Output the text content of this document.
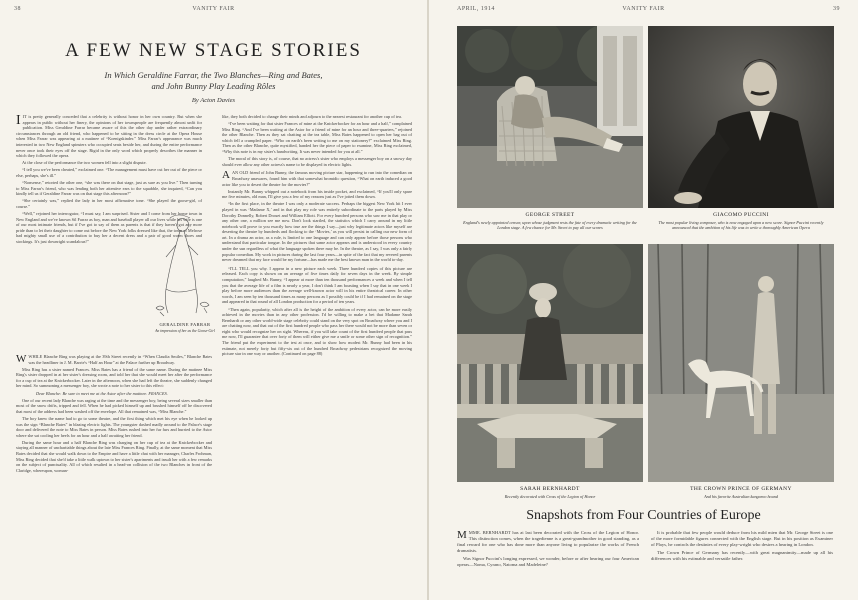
38	VANITY FAIR
A FEW NEW STAGE STORIES
In Which Geraldine Farrar, the Two Blanches—Ring and Bates,
and John Bunny Play Leading Rôles
By Acton Davies

IIT is pretty generally conceded that a celebrity is without honor in her own country. But when she appears in public without her finery, the opinions of her townspeople are frequently almost unfit for publication. Miss Geraldine Farrar became aware of this the other day under rather extraordinary circumstances through an old friend, who happened to be sitting in the dress circle at the Opera House when Miss Farrar was appearing at a matinee of “Koenigskinder.” Miss Farrar's appearance was much interested in two New England spinsters who occupied seats beside her, and during the entire performance never once took their eyes off the stage. Rigid in the only word which properly describes the manner in which they followed the opera.

At the close of the performance the two women fell into a slight dispute.

“I tell you we've been cheated,” exclaimed one. “The management must have cut her out of the piece or else, perhaps, she's ill.”

“Nonsense,” retorted the other one, “she was there on that stage, just as sure as you live.” Then turning to Miss Farrar's friend, who was lending both her attentive ears to the squabble, she inquired, “Can you kindly tell us if Geraldine Farrar was on that stage this afternoon?”

“She certainly was,” replied the lady in her most affirmative tone. “She played the goose-girl, of course.”

“Well,” rejoined her interrogator, “I must say, I am surprised. Sister and I come from her home town in New England and we've known Sil Farrar as boy, man and baseball player all our lives while his wife is one of our most intimate friends, but if I've got to say of them as parents is that if they haven't got any more pride than to let their daughter to come out before the New York folks dressed like that, the town of Melrose had mighty small use of a contribution to buy her a decent dress and a pair of good warm shoes and stockings. It's just downright scandalous!”

GERALDINE FARRAR
An impression of her as the Goose-Girl

WWHILE Blanche Ring was playing at the 39th Street recently in “When Claudia Smiles,” Blanche Bates was the headliner in J. M. Barrie's “Half an Hour” at the Palace further up Broadway.

Miss Ring has a sister named Frances. Miss Bates has a friend of the same name. During the matinee Miss Ring's sister dropped in at her sister's dressing room, and told her that she would meet her after the performance for a cup of tea at the Knickerbocker. Later in the afternoon, when she had left the theatre, she suddenly changed her mind. So summoning a messenger boy, she wrote a note to her sister to this effect:

Dear Blanche: Be sure to meet me at the Astor after the matinee. FRANCES.

One of our recent lady Blanche was raging at the time and the messenger boy, being several sizes smaller than most of the snow drifts, tripped and fell. When he had picked himself up and brushed himself off he discovered that most of the address had been washed off the envelope. All that remained was, “Miss Blanche.”

The boy knew the name had to go to some theatre, and the first thing which met his eye when he looked up was the sign “Blanche Bates” in blazing electric lights. The youngster dashed madly around to the Palace's stage door and delivered the note to Miss Bates in person. Miss Bates rushed into her fur furs and hurried to the Astor where she sat cooling her heels for an hour and a half awaiting her friend.

During the same hour and a half Blanche Ring was charging on her cup of tea at the Knickerbocker and staying all manner of uncharitable things about the late Miss Frances Ring. Finally, at the same moment that Miss Bates decided that she would walk down to the Empire and have a little chat with her manager, Charles Frohman, Miss Ring decided that she'd take a little walk uptown to her sister's apartments and insult her with a few remarks on the subject of punctuality. All of which resulted in a head-on collision of the two Blanches in front of the Claridge, whereupon, woman-

like, they both decided to change their minds and adjourn to the nearest restaurant for another cup of tea.

“I've been waiting for that sister Frances of mine at the Knickerbocker for an hour and a half,” complained Miss Ring. “And I've been waiting at the Astor for a friend of mine for an hour and three-quarters,” rejoined the other Blanche. Then as they sat chatting at the tea table, Miss Bates happened to open her bag out of which fell a crumpled paper. “Who on earth's been writing to me on my stationery?” exclaimed Miss Ring. Then as the other Blanche, quite mystified, handed her the piece of paper to examine, Miss Ring exclaimed, “Why this note is in my sister's handwriting. It was never intended for you at all.”

The moral of this story is, of course, that no actress's sister who employs a messenger boy on a snowy day should ever allow any other actress's name to be displayed in electric lights.

AAN OLD friend of John Bunny, the famous moving picture star, happening to run into the comedian on Broadway unawares, found him with that somewhat bromidic question, “What on earth induced a good actor like you to desert the theatre for the movies?”

Instantly Mr. Bunny whipped out a notebook from his inside pocket, and exclaimed, “If you'll only spare me five minutes, old man, I'll give you a few of my reasons just as I've jotted them down.

“In the first place, in the theatre I was only a moderate success. Perhaps the biggest New York hit I ever played in was ‘Madame X,’ and in that play my role was entirely subordinate to the parts played by Miss Dorothy Donnelly, Robert Drouet and William Elliott. For every hundred persons who saw me in that play or any other one, a million see me now. Don't look startled, the statistics which I carry around in my little notebook will prove to you exactly how true are the things I say—just why legitimate actors like myself are deserting the theatre by hundreds and flocking to the ‘Movies,’ as you will persist in calling our new form of art. In a drama an actor, as a rule, is limited to one language and can only appear before those persons who understand that particular tongue. In the pictures that same actor appears and is understood in every country under the sun regardless of what the language spoken there may be. In the theatre, as I say, I was only a fairly popular comedian. My work in pictures during the last four years—in spite of the fact that my revered parents never dreamed that my face would be my fortune—has made me the best known man in the world to-day.

“I'LL TELL you why. I appear in a new picture each week. Three hundred copies of this picture are released. Each copy is shown on an average of five times daily for seven days in the week. By simple computation,” laughed Mr. Bunny, “I appear at more than ten thousand performances a week and when I tell you that the average life of a film is nearly a year, I don't think I am boasting when I say that in one week I play before more audiences than the average well-known actor will in his entire theatrical career. In other words, I am seen by ten thousand times as many persons as I possibly could be if I had remained on the stage and appeared in that round of all London production for a period of ten years.

“Then again, popularity, which after all is the height of the ambition of every actor, can be more easily achieved in the movies than in any other profession. I'd be willing to make a bet that Madame Sarah Bernhardt or any other world-wide stage celebrity could stand on the very spot on Broadway where you and I are chatting now, and that out of the first hundred people who pass her there would not be more than seven or eight who would recognize her on sight. Whereas, if you will take count of the first hundred people that pass me now, I'll guarantee that over forty of them will either give me a smile or some other sign of recognition.” The friend put the experiment to the test at once, and to show how modest Mr. Bunny had been in his estimate, not merely forty but fifty-six out of the hundred Broadway pedestrians recognized the moving picture star in one way or another. (Continued on page 88)

APRIL, 1914	VANITY FAIR	39
GEORGE STREET
England's newly appointed censor, upon whose judgment rests the fate of every dramatic writing for the London stage. A few chance for Mr. Street to pay all our scores
GIACOMO PUCCINI
The most popular living composer, who is now engaged upon a new score. Signor Puccini recently announced that the ambition of his life was to write a thoroughly American Opera
SARAH BERNHARDT
Recently decorated with Cross of the Legion of Honor
THE CROWN PRINCE OF GERMANY
And his favorite Australian kangaroo hound
Snapshots from Four Countries of Europe

MMME. BERNHARDT has at last been decorated with the Cross of the Legion of Honor. This distinction comes, when the tragedienne is a great-grandmother in good standing, as a final reward for one who has done more than anyone living to popularize the works of French dramatists.

Was Signor Puccini's longing expressed, we wonder, before or after hearing our four American operas—Noma, Cyrano, Natoma and Madeleine?

It is probable that few people would deduce from his mild mien that Mr. George Street is one of the more formidable figures connected with the English stage. But in his position as Examiner of Plays, he controls the destinies of every play-wright who desires a hearing in London.

The Crown Prince of Germany has recently—with great magnanimity—made up all his differences with his estimable and versatile father.
